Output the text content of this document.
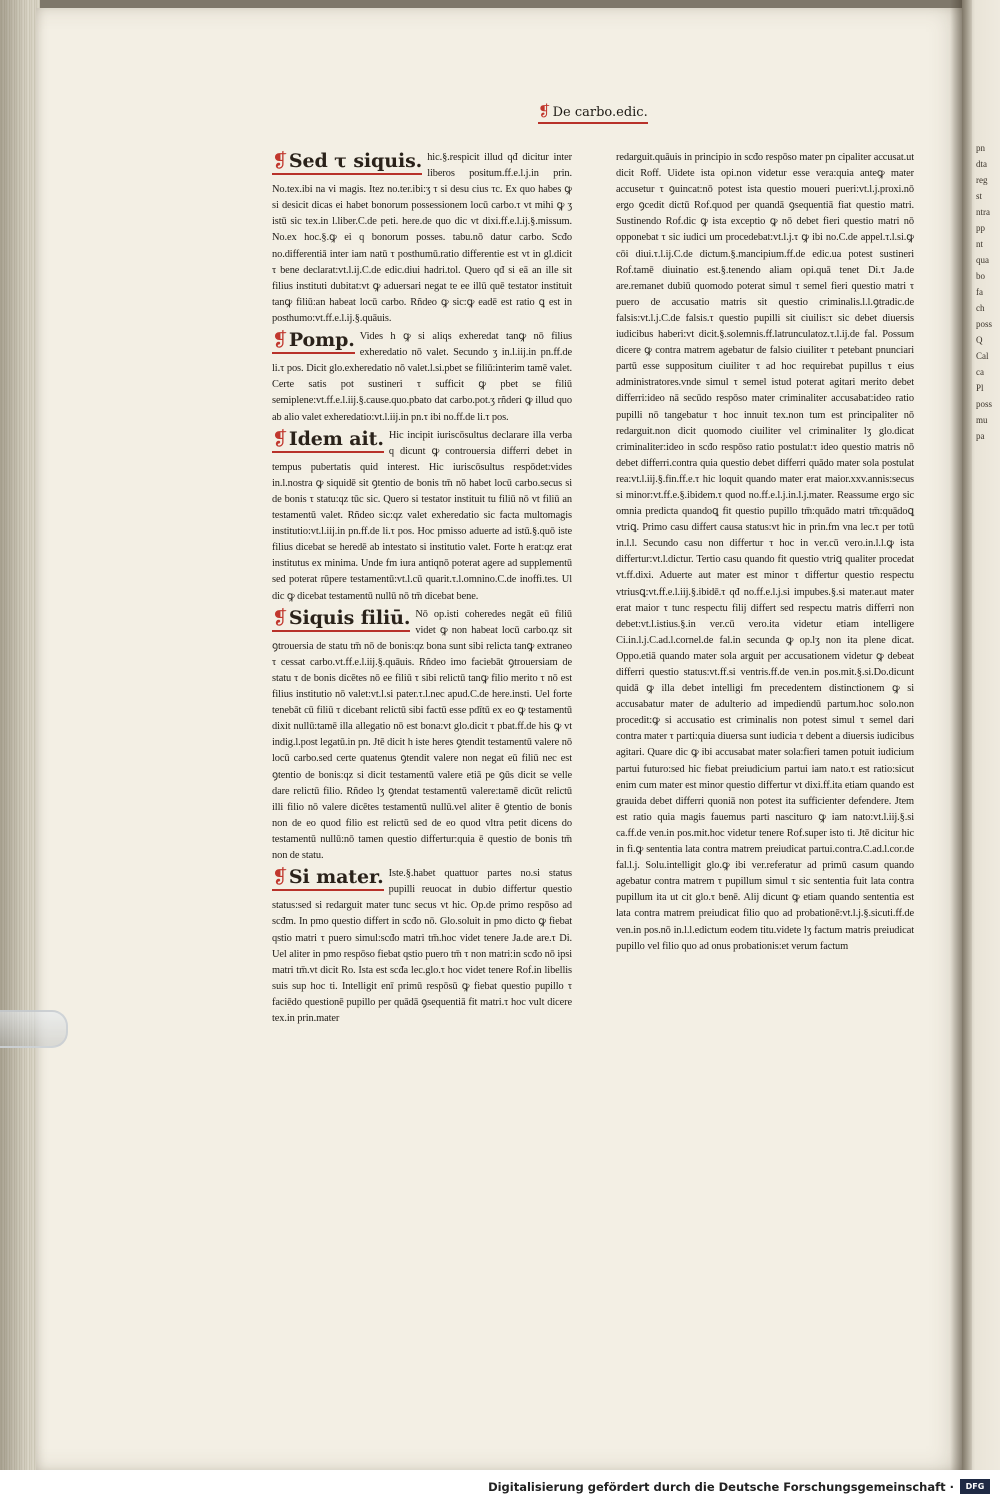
❡ De carbo.edic.
❡Sed τ siquis. hic.§.respicit illud qđ dicitur inter liberos positum.ff.e.l.j.in prin. No.tex.ibi na vi magis. Itez no.ter.ibi:ʒ τ si desu cius τc. Ex quo habes ꝙ si desicit dicas ei habet bonorum possessionem locū carbo.τ vt mihi ꝙ ʒ istū sic tex.in l.liber.C.de peti. here.de quo dic vt dixi.ff.e.l.ij.§.missum. No.ex hoc.§.ꝙ ei q bonorum posses. tabu.nō datur carbo. Scđo no.differentiā inter iam natū τ posthumū.ratio differentie est vt in gl.dicit τ bene declarat:vt.l.ij.C.de edic.diui hadri.tol. Quero qđ si eā an ille sit filius instituti dubitat:vt ꝙ aduersari negat te ee illū quē testator instituit tanꝙ filiū:an habeat locū carbo. Rñdeo ꝙ sic:ꝙ eadē est ratio ꝗ est in posthumo:vt.ff.e.l.ij.§.quāuis.
❡Pomp. Vides h ꝙ si aliqs exheredat tanꝙ nō filius exheredatio nō valet. Secundo ʒ in.l.iij.in pn.ff.de li.τ pos. Dicit glo.exheredatio nō valet.l.si.pbet se filiū:interim tamē valet. Certe satis pot sustineri τ sufficit ꝙ pbet se filiū semiplene:vt.ff.e.l.iij.§.cause.quo.pbato dat carbo.pot.ʒ rñderi ꝙ illud quo ab alio valet exheredatio:vt.l.iij.in pn.τ ibi no.ff.de li.τ pos.
❡Idem ait. Hic incipit iuriscōsultus declarare illa verba q dicunt ꝙ controuersia differri debet in tempus pubertatis quid interest. Hic iuriscōsultus respōdet:vides in.l.nostra ꝙ siquidē sit ꝯtentio de bonis tm̄ nō habet locū carbo.secus si de bonis τ statu:qz tūc sic. Quero si testator instituit tu filiū nō vt filiū an testamentū valet. Rñdeo sic:qz valet exheredatio sic facta multomagis institutio:vt.l.iij.in pn.ff.de li.τ pos. Hoc pmisso aduerte ad istū.§.quō iste filius dicebat se heredē ab intestato si institutio valet. Forte h erat:qz erat institutus ex minima. Unde fm iura antiqnō poterat agere ad supplementū sed poterat rūpere testamentū:vt.l.cū quarit.τ.l.omnino.C.de inoffi.tes. Ul dic ꝙ dicebat testamentū nullū nō tm̄ dicebat bene.
❡Siquis filiū. Nō op.isti coheredes negāt eū filiū videt ꝙ non habeat locū carbo.qz sit ꝯtrouersia de statu tm̄ nō de bonis:qz bona sunt sibi relicta tanꝙ extraneo τ cessat carbo.vt.ff.e.l.iij.§.quāuis. Rñdeo imo faciebāt ꝯtrouersiam de statu τ de bonis dicētes nō ee filiū τ sibi relictū tanꝙ filio merito τ nō est filius institutio nō valet:vt.l.si pater.τ.l.nec apud.C.de here.insti. Uel forte tenebāt cū filiū τ dicebant relictū sibi factū esse pdītū ex eo ꝙ testamentū dixit nullū:tamē illa allegatio nō est bona:vt glo.dicit τ pbat.ff.de his ꝙ vt indig.l.post legatū.in pn. Jtē dicit h iste heres ꝯtendit testamentū valere nō locū carbo.sed certe quatenus ꝯtendit valere non negat eū filiū nec est ꝯtentio de bonis:qz si dicit testamentū valere etiā pe ꝯūs dicit se velle dare relictū filio. Rñdeo lʒ ꝯtendat testamentū valere:tamē dicūt relictū illi filio nō valere dicētes testamentū nullū.vel aliter ē ꝯtentio de bonis non de eo quod filio est relictū sed de eo quod vltra petit dicens do testamentū nullū:nō tamen questio differtur:quia ē questio de bonis tm̄ non de statu.
❡Si mater. Iste.§.habet quattuor partes no.si status pupilli reuocat in dubio differtur questio status:sed si redarguit mater tunc secus vt hic. Op.de primo respōso ad scđm. In pmo questio differt in scđo nō. Glo.soluit in pmo dicto ꝙ fiebat qstio matri τ puero simul:scđo matri tm̄.hoc videt tenere Ja.de are.τ Di. Uel aliter in pmo respōso fiebat qstio puero tm̄ τ non matri:in scđo nō ipsi matri tm̄.vt dicit Ro. Ista est scđa lec.glo.τ hoc videt tenere Rof.in libellis suis sup hoc ti. Intelligit enī primū respōsū ꝙ fiebat questio pupillo τ faciēdo questionē pupillo per quādā ꝯsequentiā fit matri.τ hoc vult dicere tex.in prin.mater
redarguit.quāuis in principio in scđo respōso mater pn cipaliter accusat.ut dicit Roff. Uidete ista opi.non videtur esse vera:quia anteꝙ mater accusetur τ ꝯuincat:nō potest ista questio moueri pueri:vt.l.j.proxi.nō ergo ꝯcedit dictū Rof.quod per quandā ꝯsequentiā fiat questio matri. Sustinendo Rof.dic ꝙ ista exceptio ꝙ nō debet fieri questio matri nō opponebat τ sic iudici um procedebat:vt.l.j.τ ꝙ ibi no.C.de appel.τ.l.si.ꝙ cōi diui.τ.l.ij.C.de dictum.§.mancipium.ff.de edic.ua potest sustineri Rof.tamē diuinatio est.§.tenendo aliam opi.quā tenet Di.τ Ja.de are.remanet dubiū quomodo poterat simul τ semel fieri questio matri τ puero de accusatio matris sit questio criminalis.l.l.ꝯtradic.de falsis:vt.l.j.C.de falsis.τ questio pupilli sit ciuilis:τ sic debet diuersis iudicibus haberi:vt dicit.§.solemnis.ff.latrunculatoz.τ.l.ij.de fal. Possum dicere ꝙ contra matrem agebatur de falsio ciuiliter τ petebant pnunciari partū esse suppositum ciuiliter τ ad hoc requirebat pupillus τ eius administratores.vnde simul τ semel istud poterat agitari merito debet differri:ideo nā secūdo respōso mater criminaliter accusabat:ideo ratio pupilli nō tangebatur τ hoc innuit tex.non tum est principaliter nō redarguit.non dicit quomodo ciuiliter vel criminaliter lʒ glo.dicat criminaliter:ideo in scđo respōso ratio postulat:τ ideo questio matris nō debet differri.contra quia questio debet differri quādo mater sola postulat rea:vt.l.iij.§.fin.ff.e.τ hic loquit quando mater erat maior.xxv.annis:secus si minor:vt.ff.e.§.ibidem.τ quod no.ff.e.l.j.in.l.j.mater. Reassume ergo sic omnia predicta quandoꝗ fit questio pupillo tm̄:quādo matri tm̄:quādoꝗ vtriꝗ. Primo casu differt causa status:vt hic in prin.fm vna lec.τ per totū in.l.l. Secundo casu non differtur τ hoc in ver.cū vero.in.l.l.ꝙ ista differtur:vt.l.dictur. Tertio casu quando fit questio vtriꝗ qualiter procedat vt.ff.dixi. Aduerte aut mater est minor τ differtur questio respectu vtriusꝗ:vt.ff.e.l.iij.§.ibidē.τ qđ no.ff.e.l.j.si impubes.§.si mater.aut mater erat maior τ tunc respectu filij differt sed respectu matris differri non debet:vt.l.istius.§.in ver.cū vero.ita videtur etiam intelligere Ci.in.l.j.C.ad.l.cornel.de fal.in secunda ꝙ op.lʒ non ita plene dicat. Oppo.etiā quando mater sola arguit per accusationem videtur ꝙ debeat differri questio status:vt.ff.si ventris.ff.de ven.in pos.mit.§.si.Do.dicunt quidā ꝙ illa debet intelligi fm precedentem distinctionem ꝙ si accusabatur mater de adulterio ad impediendū partum.hoc solo.non procedit:ꝙ si accusatio est criminalis non potest simul τ semel dari contra mater τ parti:quia diuersa sunt iudicia τ debent a diuersis iudicibus agitari. Quare dic ꝙ ibi accusabat mater sola:fieri tamen potuit iudicium partui futuro:sed hic fiebat preiudicium partui iam nato.τ est ratio:sicut enim cum mater est minor questio differtur vt dixi.ff.ita etiam quando est grauida debet differri quoniā non potest ita sufficienter defendere. Jtem est ratio quia magis fauemus parti nascituro ꝙ iam nato:vt.l.iij.§.si ca.ff.de ven.in pos.mit.hoc videtur tenere Rof.super isto ti. Jtē dicitur hic in fi.ꝙ sententia lata contra matrem preiudicat partui.contra.C.ad.l.cor.de fal.l.j. Solu.intelligit glo.ꝙ ibi ver.referatur ad primū casum quando agebatur contra matrem τ pupillum simul τ sic sententia fuit lata contra pupillum ita ut cit glo.τ benē. Alij dicunt ꝙ etiam quando sententia est lata contra matrem preiudicat filio quo ad probationē:vt.l.j.§.sicuti.ff.de ven.in pos.nō in.l.l.edictum eodem titu.videte lʒ factum matris preiudicat pupillo vel filio quo ad onus probationis:et verum factum
pn
dta
reg
st
ntra
pp
nt
qua
bo
fa
ch
poss
Q
Cal
ca
Pl
poss
mu
pa
Digitalisierung gefördert durch die Deutsche Forschungsgemeinschaft ·	DFG
